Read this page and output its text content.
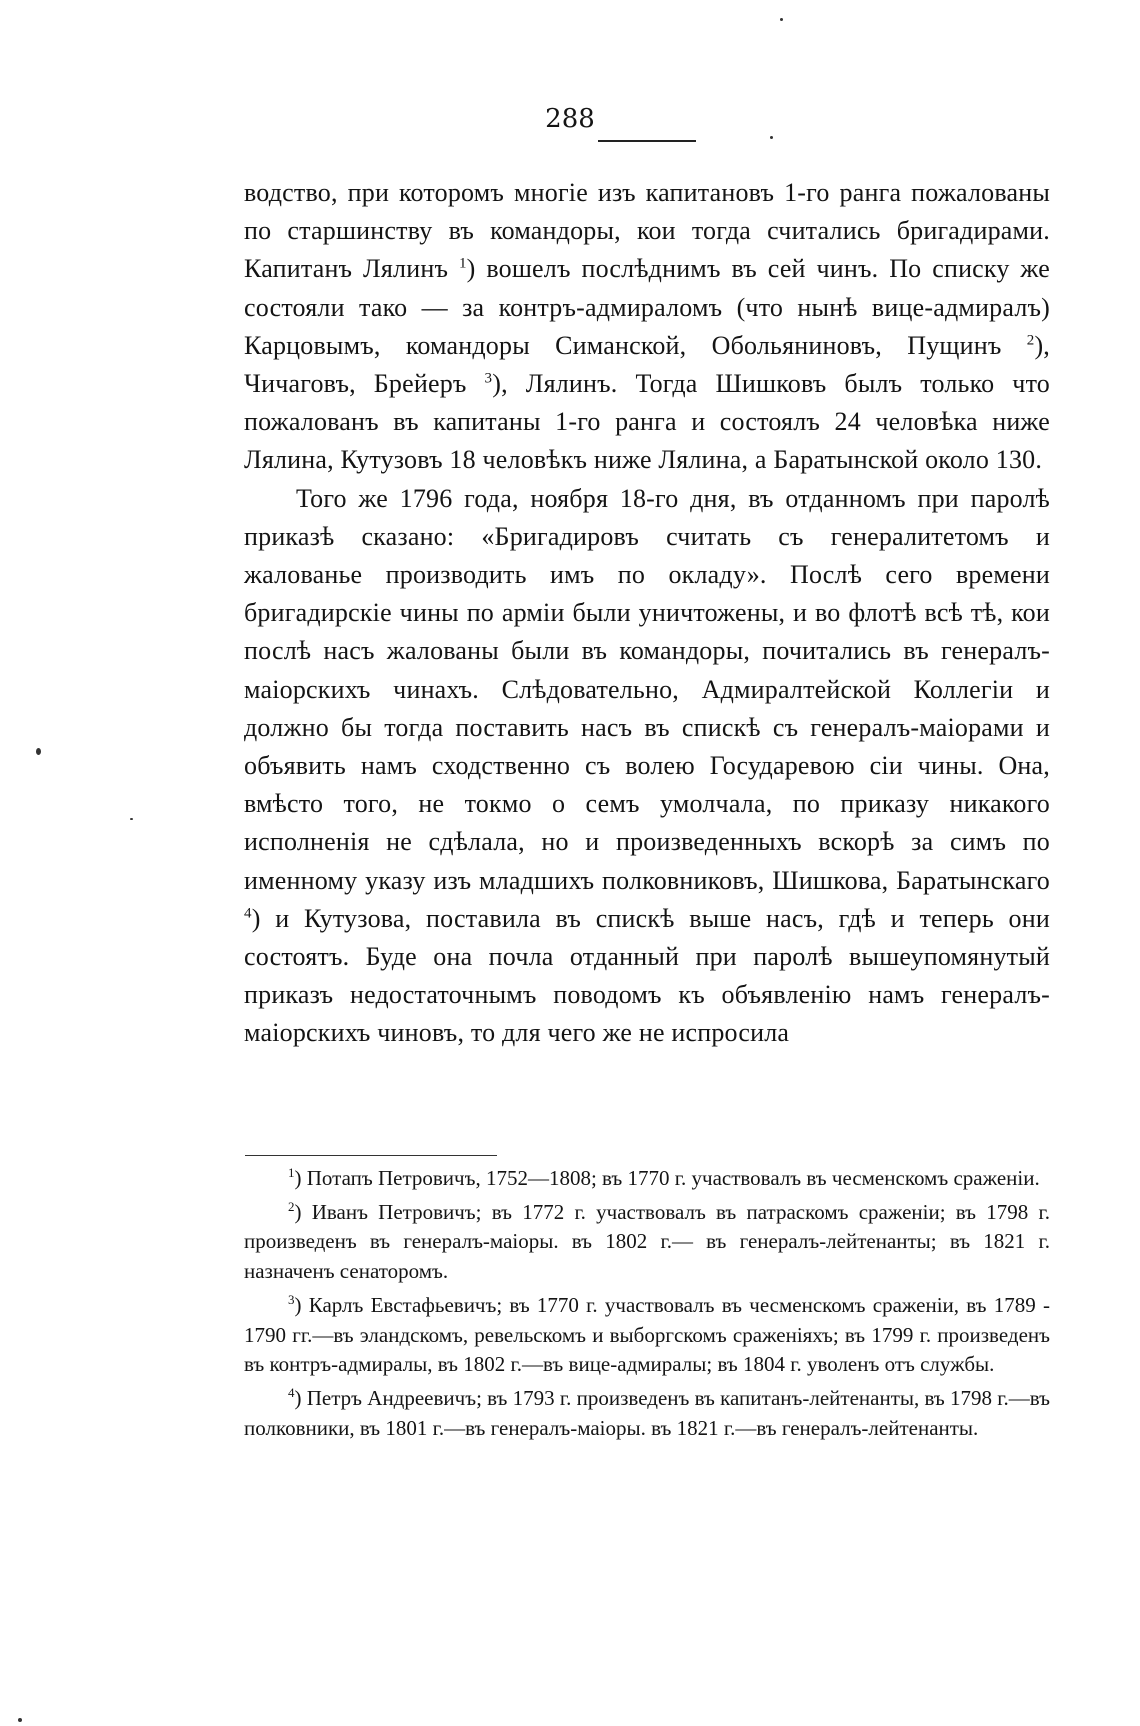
288

водство, при которомъ многіе изъ капитановъ 1-го ранга пожалованы по старшинству въ командоры, кои тогда считались бригадирами. Капитанъ Лялинъ $^1$) вошелъ послѣднимъ въ сей чинъ. По списку же состояли тако — за контръ-адмираломъ (что нынѣ вице-адмиралъ) Карцовымъ, командоры Симанской, Обольяниновъ, Пущинъ $^2$), Чичаговъ, Брейеръ $^3$), Лялинъ. Тогда Шишковъ былъ только что пожалованъ въ капитаны 1-го ранга и состоялъ 24 человѣка ниже Лялина, Кутузовъ 18 человѣкъ ниже Лялина, а Баратынской около 130.

Того же 1796 года, ноября 18-го дня, въ отданномъ при паролѣ приказѣ сказано: «Бригадировъ считать съ генералитетомъ и жалованье производить имъ по окладу». Послѣ сего времени бригадирскіе чины по арміи были уничтожены, и во флотѣ всѣ тѣ, кои послѣ насъ жалованы были въ командоры, почитались въ генералъ-маіорскихъ чинахъ. Слѣдовательно, Адмиралтейской Коллегіи и должно бы тогда поставить насъ въ спискѣ съ генералъ-маіорами и объявить намъ сходственно съ волею Государевою сіи чины. Она, вмѣсто того, не токмо о семъ умолчала, по приказу никакого исполненія не сдѣлала, но и произведенныхъ вскорѣ за симъ по именному указу изъ младшихъ полковниковъ, Шишкова, Баратынскаго $^4$) и Кутузова, поставила въ спискѣ выше насъ, гдѣ и теперь они состоятъ. Буде она почла отданный при паролѣ вышеупомянутый приказъ недостаточнымъ поводомъ къ объявленію намъ генералъ-маіорскихъ чиновъ, то для чего же не испросила

$^1$) Потапъ Петровичъ, 1752—1808; въ 1770 г. участвовалъ въ чесменскомъ сраженіи.

$^2$) Иванъ Петровичъ; въ 1772 г. участвовалъ въ патраскомъ сраженіи; въ 1798 г. произведенъ въ генералъ-маіоры. въ 1802 г.— въ генералъ-лейтенанты; въ 1821 г. назначенъ сенаторомъ.

$^3$) Карлъ Евстафьевичъ; въ 1770 г. участвовалъ въ чесменскомъ сраженіи, въ 1789 - 1790 гг.—въ эландскомъ, ревельскомъ и выборгскомъ сраженіяхъ; въ 1799 г. произведенъ въ контръ-адмиралы, въ 1802 г.—въ вице-адмиралы; въ 1804 г. уволенъ отъ службы.

$^4$) Петръ Андреевичъ; въ 1793 г. произведенъ въ капитанъ-лейтенанты, въ 1798 г.—въ полковники, въ 1801 г.—въ генералъ-маіоры. въ 1821 г.—въ генералъ-лейтенанты.
